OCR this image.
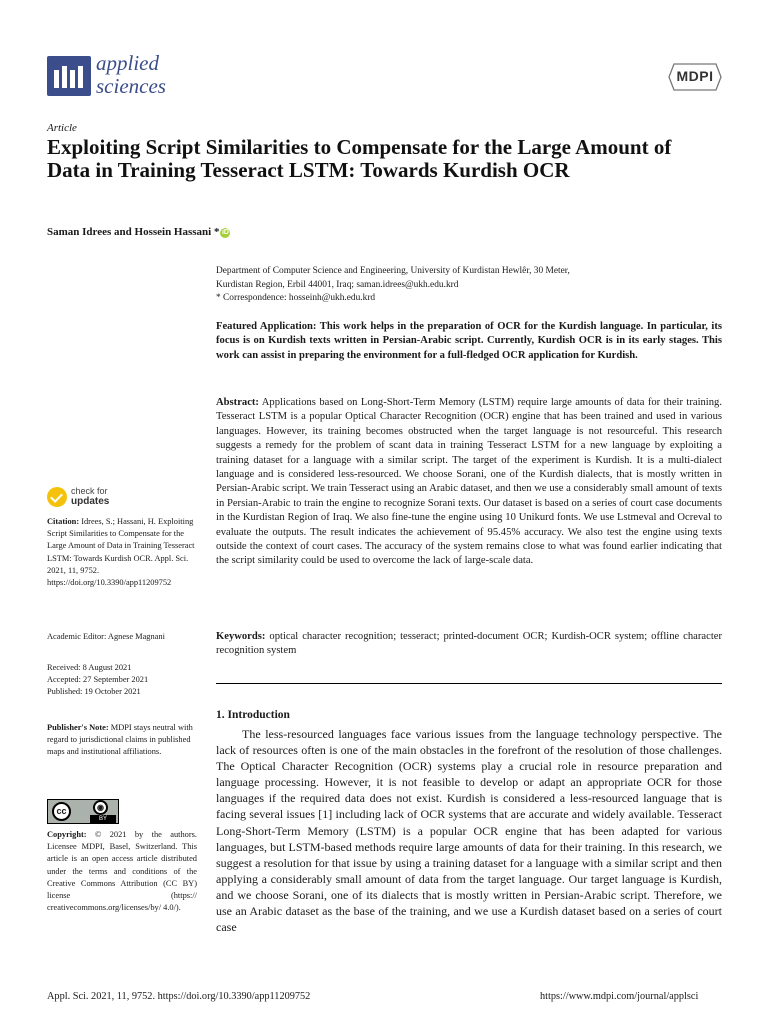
applied
sciences	MDPI
Article
Exploiting Script Similarities to Compensate for the Large Amount of Data in Training Tesseract LSTM: Towards Kurdish OCR
Saman Idrees and Hossein Hassani * iD
Department of Computer Science and Engineering, University of Kurdistan Hewlêr, 30 Meter,
Kurdistan Region, Erbil 44001, Iraq; saman.idrees@ukh.edu.krd
* Correspondence: hosseinh@ukh.edu.krd
Featured Application: This work helps in the preparation of OCR for the Kurdish language. In particular, its focus is on Kurdish texts written in Persian-Arabic script. Currently, Kurdish OCR is in its early stages. This work can assist in preparing the environment for a full-fledged OCR application for Kurdish.
Abstract: Applications based on Long-Short-Term Memory (LSTM) require large amounts of data for their training. Tesseract LSTM is a popular Optical Character Recognition (OCR) engine that has been trained and used in various languages. However, its training becomes obstructed when the target language is not resourceful. This research suggests a remedy for the problem of scant data in training Tesseract LSTM for a new language by exploiting a training dataset for a language with a similar script. The target of the experiment is Kurdish. It is a multi-dialect language and is considered less-resourced. We choose Sorani, one of the Kurdish dialects, that is mostly written in Persian-Arabic script. We train Tesseract using an Arabic dataset, and then we use a considerably small amount of texts in Persian-Arabic to train the engine to recognize Sorani texts. Our dataset is based on a series of court case documents in the Kurdistan Region of Iraq. We also fine-tune the engine using 10 Unikurd fonts. We use Lstmeval and Ocreval to evaluate the outputs. The result indicates the achievement of 95.45% accuracy. We also test the engine using texts outside the context of court cases. The accuracy of the system remains close to what was found earlier indicating that the script similarity could be used to overcome the lack of large-scale data.
Keywords: optical character recognition; tesseract; printed-document OCR; Kurdish-OCR system; offline character recognition system
1. Introduction

The less-resourced languages face various issues from the language technology perspective. The lack of resources often is one of the main obstacles in the forefront of the resolution of those challenges. The Optical Character Recognition (OCR) systems play a crucial role in resource preparation and language processing. However, it is not feasible to develop or adapt an appropriate OCR for those languages if the required data does not exist. Kurdish is considered a less-resourced language that is facing several issues [1] including lack of OCR systems that are accurate and widely available. Tesseract Long-Short-Term Memory (LSTM) is a popular OCR engine that has been adapted for various languages, but LSTM-based methods require large amounts of data for their training. In this research, we suggest a resolution for that issue by using a training dataset for a language with a similar script and then applying a considerably small amount of data from the target language. Our target language is Kurdish, and we choose Sorani, one of its dialects that is mostly written in Persian-Arabic script. Therefore, we use an Arabic dataset as the base of the training, and we use a Kurdish dataset based on a series of court case

check for
updates
Citation: Idrees, S.; Hassani, H. Exploiting Script Similarities to Compensate for the Large Amount of Data in Training Tesseract LSTM: Towards Kurdish OCR. Appl. Sci. 2021, 11, 9752. https://doi.org/10.3390/app11209752
Academic Editor: Agnese Magnani
Received: 8 August 2021
Accepted: 27 September 2021
Published: 19 October 2021
Publisher's Note: MDPI stays neutral with regard to jurisdictional claims in published maps and institutional affiliations.
cc	◉
BY
Copyright: © 2021 by the authors. Licensee MDPI, Basel, Switzerland. This article is an open access article distributed under the terms and conditions of the Creative Commons Attribution (CC BY) license (https:// creativecommons.org/licenses/by/ 4.0/).
Appl. Sci. 2021, 11, 9752. https://doi.org/10.3390/app11209752	https://www.mdpi.com/journal/applsci
